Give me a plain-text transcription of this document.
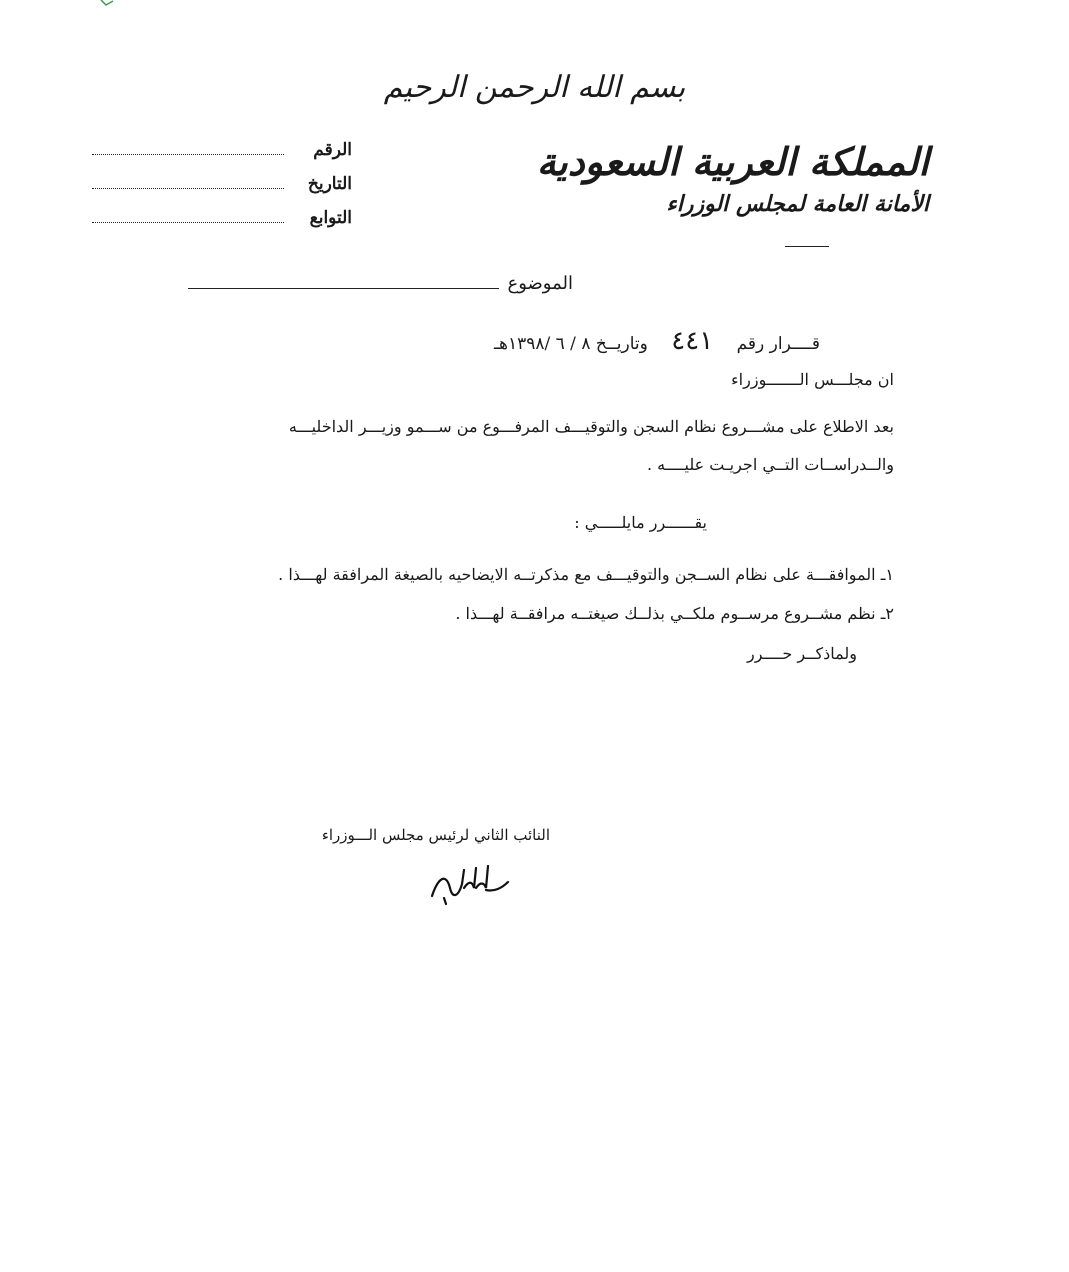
بسم الله الرحمن الرحيم
المملكة العربية السعودية
الأمانة العامة لمجلس الوزراء
الرقم
التاريخ
التوابع
الموضوع
قــــرار رقم ٤٤١ وتاريــخ ٨ / ٦ /١٣٩٨هـ
ان مجلـــس الـــــــوزراء
بعد الاطلاع على مشـــروع نظام السجن والتوقيـــف المرفـــوع من ســـمو وزيـــر الداخليـــه
والــدراســات التــي اجريـت عليــــه .
يقــــــرر مايلـــــي :
١ـ الموافقـــة على نظام الســجن والتوقيـــف مع مذكرتــه الايضاحيه بالصيغة المرافقة لهـــذا .
٢ـ نظم مشــروع مرســوم ملكــي بذلــك صيغتــه مرافقــة لهـــذا .
ولماذكــر حــــرر
النائب الثاني لرئيس مجلس الـــوزراء
